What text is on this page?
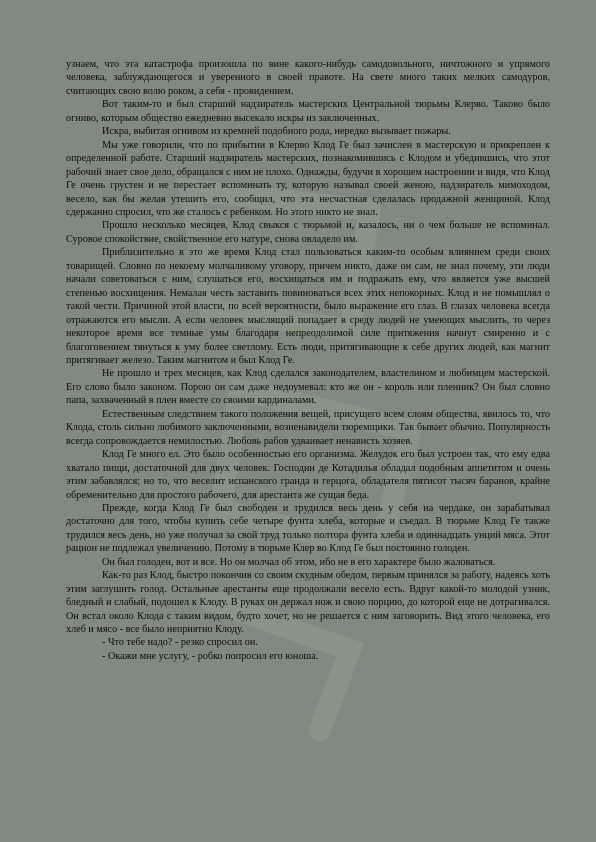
узнаем, что эта катастрофа произошла по вине какого-нибудь самодовольного, ничтожного и упрямого человека, заблуждающегося и уверенного в своей правоте. На свете много таких мелких самодуров, считающих свою волю роком, а себя - провидением.

Вот таким-то и был старший надзиратель мастерских Центральной тюрьмы Клерво. Таково было огниво, которым общество ежедневно высекало искры из заключенных.

Искра, выбитая огнивом из кремней подобного рода, нередко вызывает пожары.

Мы уже говорили, что по прибытии в Клерво Клод Ге был зачислен в мастерскую и прикреплен к определенной работе. Старший надзиратель мастерских, познакомившись с Клодом и убедившись, что этот рабочий знает свое дело, обращался с ним не плохо. Однажды, будучи в хорошем настроении и видя, что Клод Ге очень грустен и не перестает вспоминать ту, которую называл своей женою, надзиратель мимоходом, весело, как бы желая утешить его, сообщил, что эта несчастная сделалась продажной женщиной. Клод сдержанно спросил, что же сталось с ребенком. Но этого никто не знал.

Прошло несколько месяцев, Клод свыкся с тюрьмой и, казалось, ни о чем больше не вспоминал. Суровое спокойствие, свойственное его натуре, снова овладело им.

Приблизительно в это же время Клод стал пользоваться каким-то особым влиянием среди своих товарищей. Словно по некоему молчаливому уговору, причем никто, даже он сам, не знал почему, эти люди начали советоваться с ним, слушаться его, восхищаться им и подражать ему, что является уже высшей степенью восхищения. Немалая честь заставить повиноваться всех этих непокорных. Клод и не помышлял о такой чести. Причиной этой власти, по всей вероятности, было выражение его глаз. В глазах человека всегда отражаются его мысли. А если человек мыслящий попадает в среду людей не умеющих мыслить, то через некоторое время все темные умы благодаря непреодолимой силе притяжения начнут смиренно и с благоговением тянуться к уму более светлому. Есть люди, притягивающие к себе других людей, как магнит притягивает железо. Таким магнитом и был Клод Ге.

Не прошло и трех месяцев, как Клод сделался законодателем, властелином и любимцем мастерской. Его слово было законом. Порою он сам даже недоумевал: кто же он - король или пленник? Он был словно папа, захваченный в плен вместе со своими кардиналами.

Естественным следствием такого положения вещей, присущего всем слоям общества, явилось то, что Клода, столь сильно любимого заключенными, возненавидели тюремщики. Так бывает обычно. Популярность всегда сопровождается немилостью. Любовь рабов удваивает ненависть хозяев.

Клод Ге много ел. Это было особенностью его организма. Желудок его был устроен так, что ему едва хватало пищи, достаточной для двух человек. Господин де Котадилья обладал подобным аппетитом и очень этим забавлялся; но то, что веселит испанского гранда и герцога, обладателя пятисот тысяч баранов, крайне обременительно для простого рабочего, для арестанта же сущая беда.

Прежде, когда Клод Ге был свободен и трудился весь день у себя на чердаке, он зарабатывал достаточно для того, чтобы купить себе четыре фунта хлеба, которые и съедал. В тюрьме Клод Ге также трудился весь день, но уже получал за свой труд только полтора фунта хлеба и одиннадцать унций мяса. Этот рацион не подлежал увеличению. Потому в тюрьме Клер во Клод Ге был постоянно голоден.

Он был голоден, вот и все. Но он молчал об этом, ибо не в его характере было жаловаться.

Как-то раз Клод, быстро покончив со своим скудным обедом, первым принялся за работу, надеясь хоть этим заглушить голод. Остальные арестанты еще продолжали весело есть. Вдруг какой-то молодой узник, бледный и слабый, подошел к Клоду. В руках он держал нож и свою порцию, до которой еще не дотрагивался. Он встал около Клода с таким видом, будто хочет, но не решается с ним заговорить. Вид этого человека, его хлеб и мясо - все было неприятно Клоду.

- Что тебе надо? - резко спросил он.

- Окажи мне услугу, - робко попросил его юноша.
